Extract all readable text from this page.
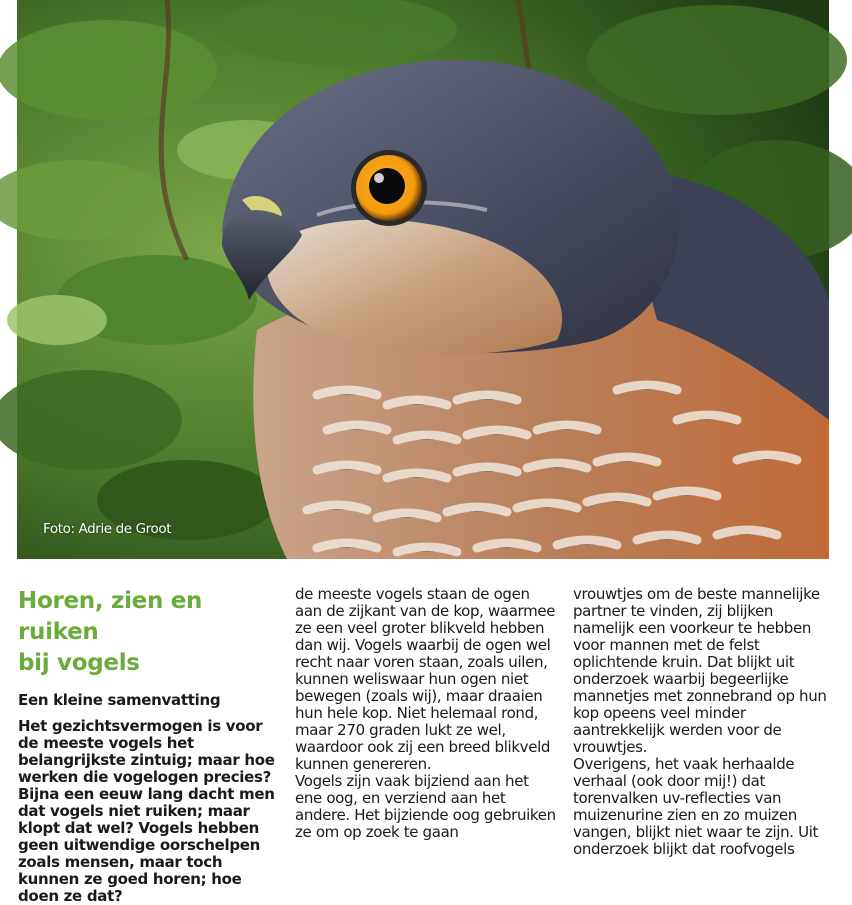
Foto: Adrie de Groot
Horen, zien en ruiken
bij vogels
Een kleine samenvatting

Het gezichtsvermogen is voor de meeste vogels het belangrijkste zintuig; maar hoe werken die vogelogen precies? Bijna een eeuw lang dacht men dat vogels niet ruiken; maar klopt dat wel? Vogels hebben geen uitwendige oorschelpen zoals mensen, maar toch kunnen ze goed horen; hoe doen ze dat?

de meeste vogels staan de ogen aan de zijkant van de kop, waarmee ze een veel groter blikveld hebben dan wij. Vogels waarbij de ogen wel recht naar voren staan, zoals uilen, kunnen weliswaar hun ogen niet bewegen (zoals wij), maar draaien hun hele kop. Niet helemaal rond, maar 270 graden lukt ze wel, waardoor ook zij een breed blikveld kunnen genereren.

Vogels zijn vaak bijziend aan het ene oog, en verziend aan het andere. Het bijziende oog gebruiken ze om op zoek te gaan

vrouwtjes om de beste mannelijke partner te vinden, zij blijken namelijk een voorkeur te hebben voor mannen met de felst oplichtende kruin. Dat blijkt uit onderzoek waarbij begeerlijke mannetjes met zonnebrand op hun kop opeens veel minder aantrekkelijk werden voor de vrouwtjes.

Overigens, het vaak herhaalde verhaal (ook door mij!) dat torenvalken uv-reflecties van muizenurine zien en zo muizen vangen, blijkt niet waar te zijn. Uit onderzoek blijkt dat roofvogels
